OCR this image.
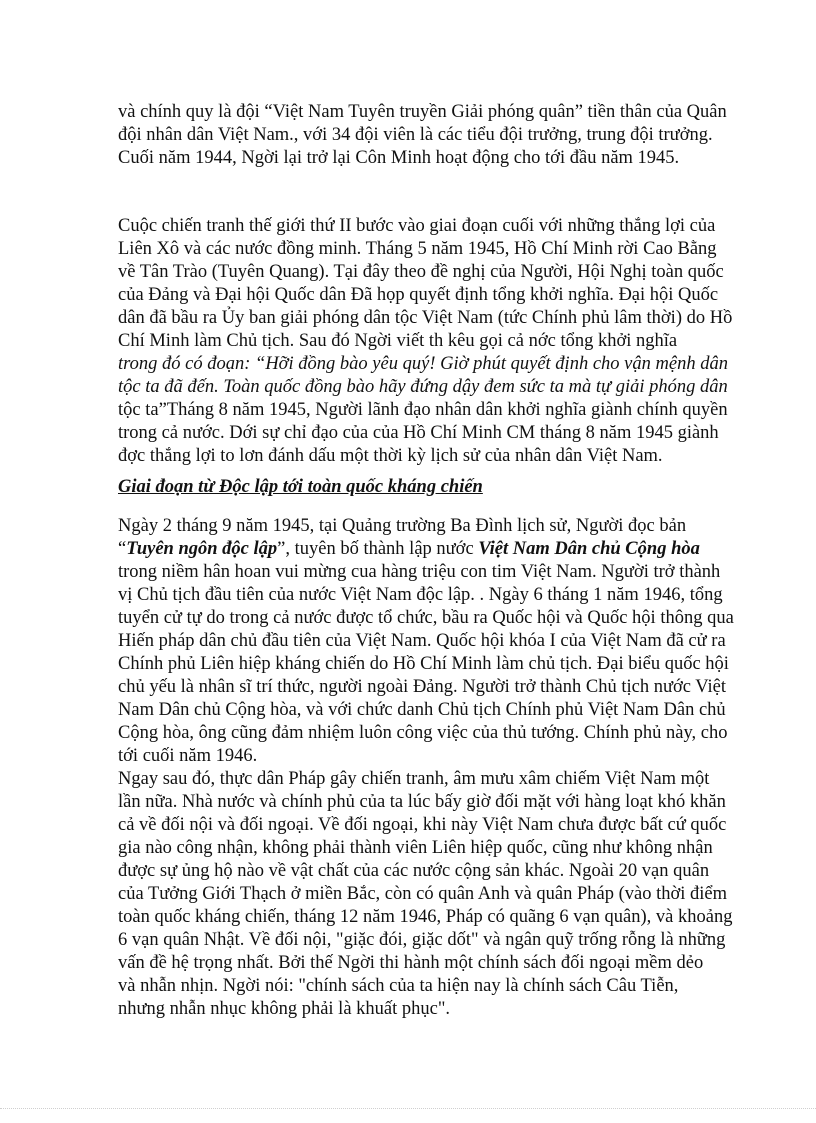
và chính quy là đội “Việt Nam Tuyên truyền Giải phóng quân” tiền thân của Quân
đội nhân dân Việt Nam., với 34 đội viên là các tiểu đội trưởng, trung đội trưởng.
Cuối năm 1944, Ngời lại trở lại Côn Minh hoạt động cho tới đầu năm 1945.
Cuộc chiến tranh thế giới thứ II bước vào giai đoạn cuối với những thắng lợi của
Liên Xô và các nước đồng minh. Tháng 5 năm 1945, Hồ Chí Minh rời Cao Bằng
về Tân Trào (Tuyên Quang). Tại đây theo đề nghị của Người, Hội Nghị toàn quốc
của Đảng và Đại hội Quốc dân Đã họp quyết định tổng khởi nghĩa. Đại hội Quốc
dân đã bầu ra Ủy ban giải phóng dân tộc Việt Nam (tức Chính phủ lâm thời) do Hồ
Chí Minh làm Chủ tịch. Sau đó Ngời viết th kêu gọi cả nớc tổng khởi nghĩa
trong đó có đoạn: “Hỡi đồng bào yêu quý! Giờ phút quyết định cho vận mệnh dân
tộc ta đã đến. Toàn quốc đồng bào hãy đứng dậy đem sức ta mà tự giải phóng dân
tộc ta”Tháng 8 năm 1945, Người lãnh đạo nhân dân khởi nghĩa giành chính quyền
trong cả nước. Dới sự chỉ đạo của của Hồ Chí Minh CM tháng 8 năm 1945 giành
đợc thắng lợi to lơn đánh dấu một thời kỳ lịch sử của nhân dân Việt Nam.
Giai đoạn từ Độc lập tới toàn quốc kháng chiến
Ngày 2 tháng 9 năm 1945, tại Quảng trường Ba Đình lịch sử, Người đọc bản
“Tuyên ngôn độc lập”, tuyên bố thành lập nước Việt Nam Dân chủ Cộng hòa
trong niềm hân hoan vui mừng cua hàng triệu con tim Việt Nam. Người trở thành
vị Chủ tịch đầu tiên của nước Việt Nam độc lập. . Ngày 6 tháng 1 năm 1946, tổng
tuyển cử tự do trong cả nước được tổ chức, bầu ra Quốc hội và Quốc hội thông qua
Hiến pháp dân chủ đầu tiên của Việt Nam. Quốc hội khóa I của Việt Nam đã cử ra
Chính phủ Liên hiệp kháng chiến do Hồ Chí Minh làm chủ tịch. Đại biểu quốc hội
chủ yếu là nhân sĩ trí thức, người ngoài Đảng. Người trở thành Chủ tịch nước Việt
Nam Dân chủ Cộng hòa, và với chức danh Chủ tịch Chính phủ Việt Nam Dân chủ
Cộng hòa, ông cũng đảm nhiệm luôn công việc của thủ tướng. Chính phủ này, cho
tới cuối năm 1946.
Ngay sau đó, thực dân Pháp gây chiến tranh, âm mưu xâm chiếm Việt Nam một
lần nữa. Nhà nước và chính phủ của ta lúc bấy giờ đối mặt với hàng loạt khó khăn
cả về đối nội và đối ngoại. Về đối ngoại, khi này Việt Nam chưa được bất cứ quốc
gia nào công nhận, không phải thành viên Liên hiệp quốc, cũng như không nhận
được sự ủng hộ nào về vật chất của các nước cộng sản khác. Ngoài 20 vạn quân
của Tưởng Giới Thạch ở miền Bắc, còn có quân Anh và quân Pháp (vào thời điểm
toàn quốc kháng chiến, tháng 12 năm 1946, Pháp có quãng 6 vạn quân), và khoảng
6 vạn quân Nhật. Về đối nội, "giặc đói, giặc dốt" và ngân quỹ trống rỗng là những
vấn đề hệ trọng nhất. Bởi thế Ngời thi hành một chính sách đối ngoại mềm dẻo
và nhẫn nhịn. Ngời nói: "chính sách của ta hiện nay là chính sách Câu Tiễn,
nhưng nhẫn nhục không phải là khuất phục".
